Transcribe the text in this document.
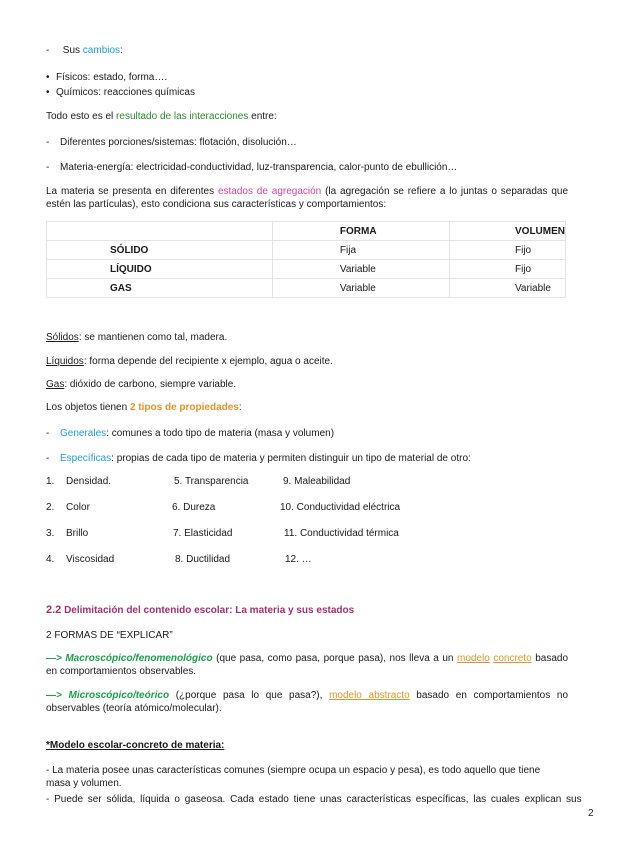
- Sus cambios:
• Físicos: estado, forma….
• Químicos: reacciones químicas
Todo esto es el resultado de las interacciones entre:
- Diferentes porciones/sistemas: flotación, disolución…
- Materia-energía: electricidad-conductividad, luz-transparencia, calor-punto de ebullición…
La materia se presenta en diferentes estados de agregación (la agregación se refiere a lo juntas o separadas que estén las partículas), esto condiciona sus características y comportamientos:
	FORMA	VOLUMEN
SÓLIDO	Fija	Fijo
LÍQUIDO	Variable	Fijo
GAS	Variable	Variable
Sólidos: se mantienen como tal, madera.
Líquidos: forma depende del recipiente x ejemplo, agua o aceite.
Gas: dióxido de carbono, siempre variable.
Los objetos tienen 2 tipos de propiedades:
- Generales: comunes a todo tipo de materia (masa y volumen)
- Específicas: propias de cada tipo de materia y permiten distinguir un tipo de material de otro:
1. Densidad.	5. Transparencia	9. Maleabilidad
2. Color	6. Dureza	10. Conductividad eléctrica
3. Brillo	7. Elasticidad	11. Conductividad térmica
4. Viscosidad	8. Ductilidad	12. …
2.2 Delimitación del contenido escolar: La materia y sus estados
2 FORMAS DE “EXPLICAR”
—> Macroscópico/fenomenológico (que pasa, como pasa, porque pasa), nos lleva a un modelo concreto basado en comportamientos observables.
—> Microscópico/teórico (¿porque pasa lo que pasa?), modelo abstracto basado en comportamientos no observables (teoría atómico/molecular).
*Modelo escolar-concreto de materia:
- La materia posee unas características comunes (siempre ocupa un espacio y pesa), es todo aquello que tiene masa y volumen.
- Puede ser sólida, líquida o gaseosa. Cada estado tiene unas características específicas, las cuales explican sus
2
